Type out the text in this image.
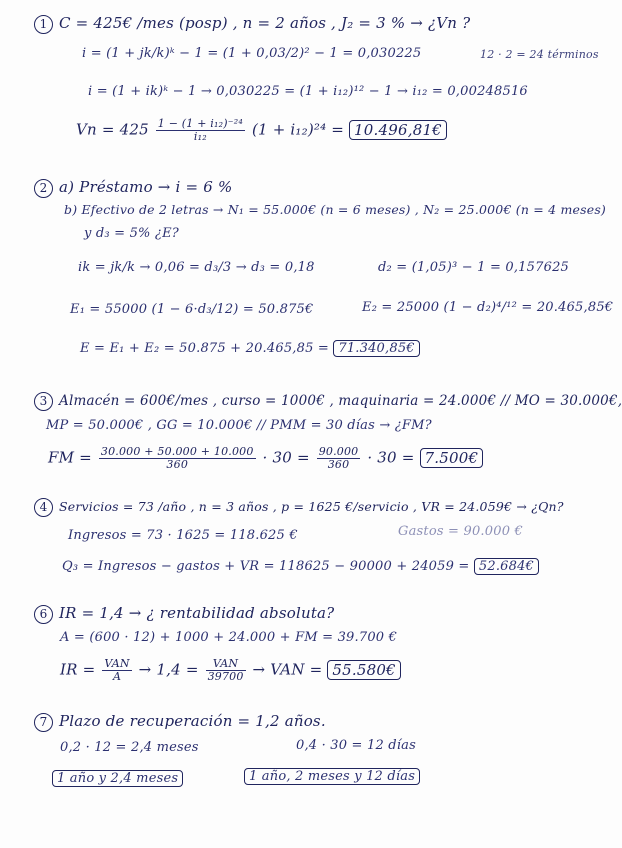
1 C = 425€ /mes (posp) , n = 2 años , J₂ = 3 % → ¿Vn ?
i = (1 + jk/k)ᵏ − 1 = (1 + 0,03/2)² − 1 = 0,030225	12 · 2 = 24 términos
i = (1 + ik)ᵏ − 1 → 0,030225 = (1 + i₁₂)¹² − 1 → i₁₂ = 0,00248516
$Vn = 425 \frac{\text{1 − (1 + i₁₂)⁻²⁴}}{\text{i₁₂}} (1 + i_{12})^{24}$ = 10.496,81€
2 a) Préstamo → i = 6 %
b) Efectivo de 2 letras → N₁ = 55.000€ (n = 6 meses) , N₂ = 25.000€ (n = 4 meses)
y d₃ = 5% ¿E?
ik = jk/k → 0,06 = d₃/3 → d₃ = 0,18	d₂ = (1,05)³ − 1 = 0,157625
E₁ = 55000 (1 − 6·d₃/12) = 50.875€	E₂ = 25000 (1 − d₂)⁴/¹² = 20.465,85€
E = E₁ + E₂ = 50.875 + 20.465,85 = 71.340,85€
3 Almacén = 600€/mes , curso = 1000€ , maquinaria = 24.000€ // MO = 30.000€,
MP = 50.000€ , GG = 10.000€ // PMM = 30 días → ¿FM?
FM = $\frac{30.000 + 50.000 + 10.000}{360} \cdot 30 = \frac{90.000}{360} \cdot 30$ = 7.500€
4 Servicios = 73 /año , n = 3 años , p = 1625 €/servicio , VR = 24.059€ → ¿Qn?
Ingresos = 73 · 1625 = 118.625 €	Gastos = 90.000 €
Q₃ = Ingresos − gastos + VR = 118625 − 90000 + 24059 = 52.684€
6 IR = 1,4 → ¿ rentabilidad absoluta?
A = (600 · 12) + 1000 + 24.000 + FM = 39.700 €
IR = $\frac{\text{VAN}}{A} \to 1,4 = \frac{\text{VAN}}{39700}$ → VAN = 55.580€
7 Plazo de recuperación = 1,2 años.
0,2 · 12 = 2,4 meses	0,4 · 30 = 12 días
1 año y 2,4 meses	1 año, 2 meses y 12 días
